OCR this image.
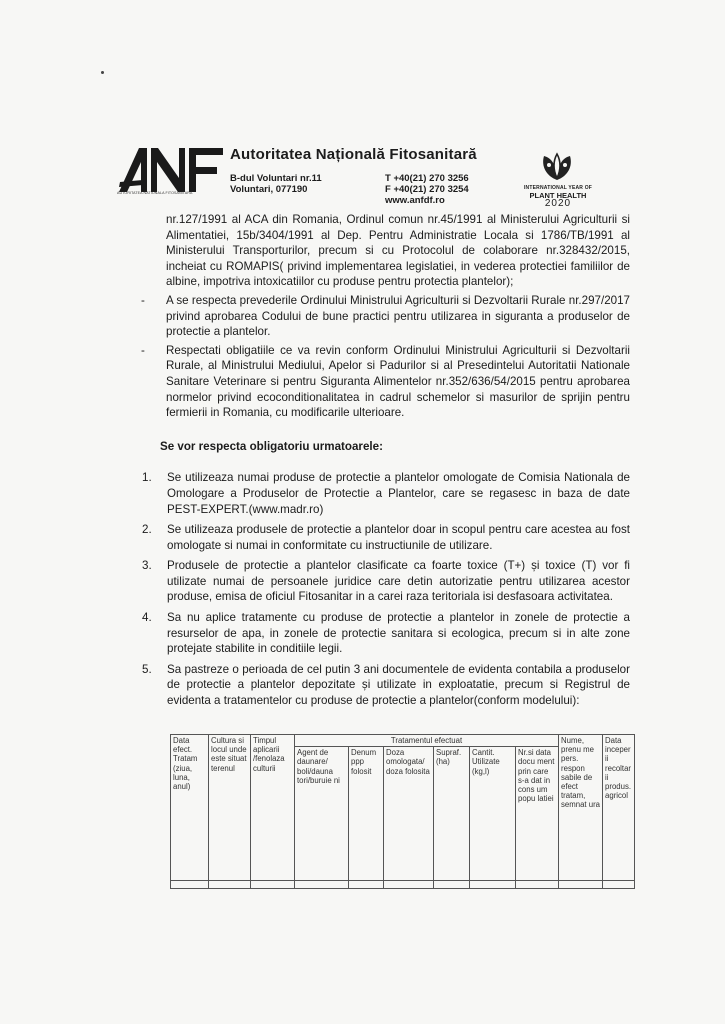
AUTORITATEA NATIONALA FITOSANITARA
Autoritatea Națională Fitosanitară
B-dul Voluntari nr.11
Voluntari, 077190
T +40(21) 270 3256
F +40(21) 270 3254
www.anfdf.ro
INTERNATIONAL YEAR OF
PLANT HEALTH
2020

nr.127/1991 al ACA din Romania, Ordinul comun nr.45/1991 al Ministerului Agriculturii si Alimentatiei, 15b/3404/1991 al Dep. Pentru Administratie Locala si 1786/TB/1991 al Ministerului Transporturilor, precum si cu Protocolul de colaborare nr.328432/2015, incheiat cu ROMAPIS( privind implementarea legislatiei, in vederea protectiei familiilor de albine, impotriva intoxicatiilor cu produse pentru protectia plantelor);

- A se respecta prevederile Ordinului Ministrului Agriculturii si Dezvoltarii Rurale nr.297/2017 privind aprobarea Codului de bune practici pentru utilizarea in siguranta a produselor de protectie a plantelor.
- Respectati obligatiile ce va revin conform Ordinului Ministrului Agriculturii si Dezvoltarii Rurale, al Ministrului Mediului, Apelor si Padurilor si al Presedintelui Autoritatii Nationale Sanitare Veterinare si pentru Siguranta Alimentelor nr.352/636/54/2015 pentru aprobarea normelor privind ecoconditionalitatea in cadrul schemelor si masurilor de sprijin pentru fermierii in Romania, cu modificarile ulterioare.
Se vor respecta obligatoriu urmatoarele:
1. Se utilizeaza numai produse de protectie a plantelor omologate de Comisia Nationala de Omologare a Produselor de Protectie a Plantelor, care se regasesc in baza de date PEST-EXPERT.(www.madr.ro)
2. Se utilizeaza produsele de protectie a plantelor doar in scopul pentru care acestea au fost omologate si numai in conformitate cu instructiunile de utilizare.
3. Produsele de protectie a plantelor clasificate ca foarte toxice (T+) și toxice (T) vor fi utilizate numai de persoanele juridice care detin autorizatie pentru utilizarea acestor produse, emisa de oficiul Fitosanitar in a carei raza teritoriala isi desfasoara activitatea.
4. Sa nu aplice tratamente cu produse de protectie a plantelor in zonele de protectie a resurselor de apa, in zonele de protectie sanitara si ecologica, precum si in alte zone protejate stabilite in conditiile legii.
5. Sa pastreze o perioada de cel putin 3 ani documentele de evidenta contabila a produselor de protectie a plantelor depozitate și utilizate in exploatatie, precum si Registrul de evidenta a tratamentelor cu produse de protectie a plantelor(conform modelului):
Data efect. Tratam (ziua, luna, anul)	Cultura si locul unde este situat terenul	Timpul aplicarii /fenolaza culturii	Tratamentul efectuat						Nume, prenu me pers. respon sabile de efect tratam, semnat ura	Data inceperii recoltarii produs. agricol
			Agent de daunare/ boli/dauna tori/buruie ni	Denum ppp folosit	Doza omologata/ doza folosita	Supraf. (ha)	Cantit. Utilizate (kg,l)	Nr.si data docu ment prin care s-a dat in cons um popu latiei		
